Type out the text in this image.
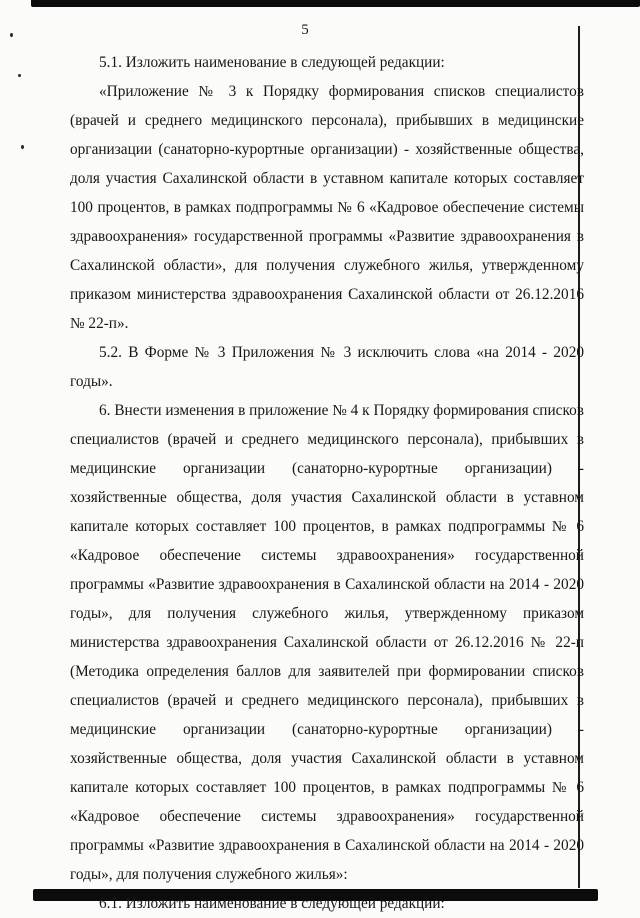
5

5.1. Изложить наименование в следующей редакции:

«Приложение № 3 к Порядку формирования списков специалистов (врачей и среднего медицинского персонала), прибывших в медицинские организации (санаторно-курортные организации) - хозяйственные общества, доля участия Сахалинской области в уставном капитале которых составляет 100 процентов, в рамках подпрограммы № 6 «Кадровое обеспечение системы здравоохранения» государственной программы «Развитие здравоохранения в Сахалинской области», для получения служебного жилья, утвержденному приказом министерства здравоохранения Сахалинской области от 26.12.2016 № 22-п».

5.2. В Форме № 3 Приложения № 3 исключить слова «на 2014 - 2020 годы».

6. Внести изменения в приложение № 4 к Порядку формирования списков специалистов (врачей и среднего медицинского персонала), прибывших в медицинские организации (санаторно-курортные организации) - хозяйственные общества, доля участия Сахалинской области в уставном капитале которых составляет 100 процентов, в рамках подпрограммы № 6 «Кадровое обеспечение системы здравоохранения» государственной программы «Развитие здравоохранения в Сахалинской области на 2014 - 2020 годы», для получения служебного жилья, утвержденному приказом министерства здравоохранения Сахалинской области от 26.12.2016 № 22-п (Методика определения баллов для заявителей при формировании списков специалистов (врачей и среднего медицинского персонала), прибывших в медицинские организации (санаторно-курортные организации) - хозяйственные общества, доля участия Сахалинской области в уставном капитале которых составляет 100 процентов, в рамках подпрограммы № 6 «Кадровое обеспечение системы здравоохранения» государственной программы «Развитие здравоохранения в Сахалинской области на 2014 - 2020 годы», для получения служебного жилья»:

6.1. Изложить наименование в следующей редакции:
